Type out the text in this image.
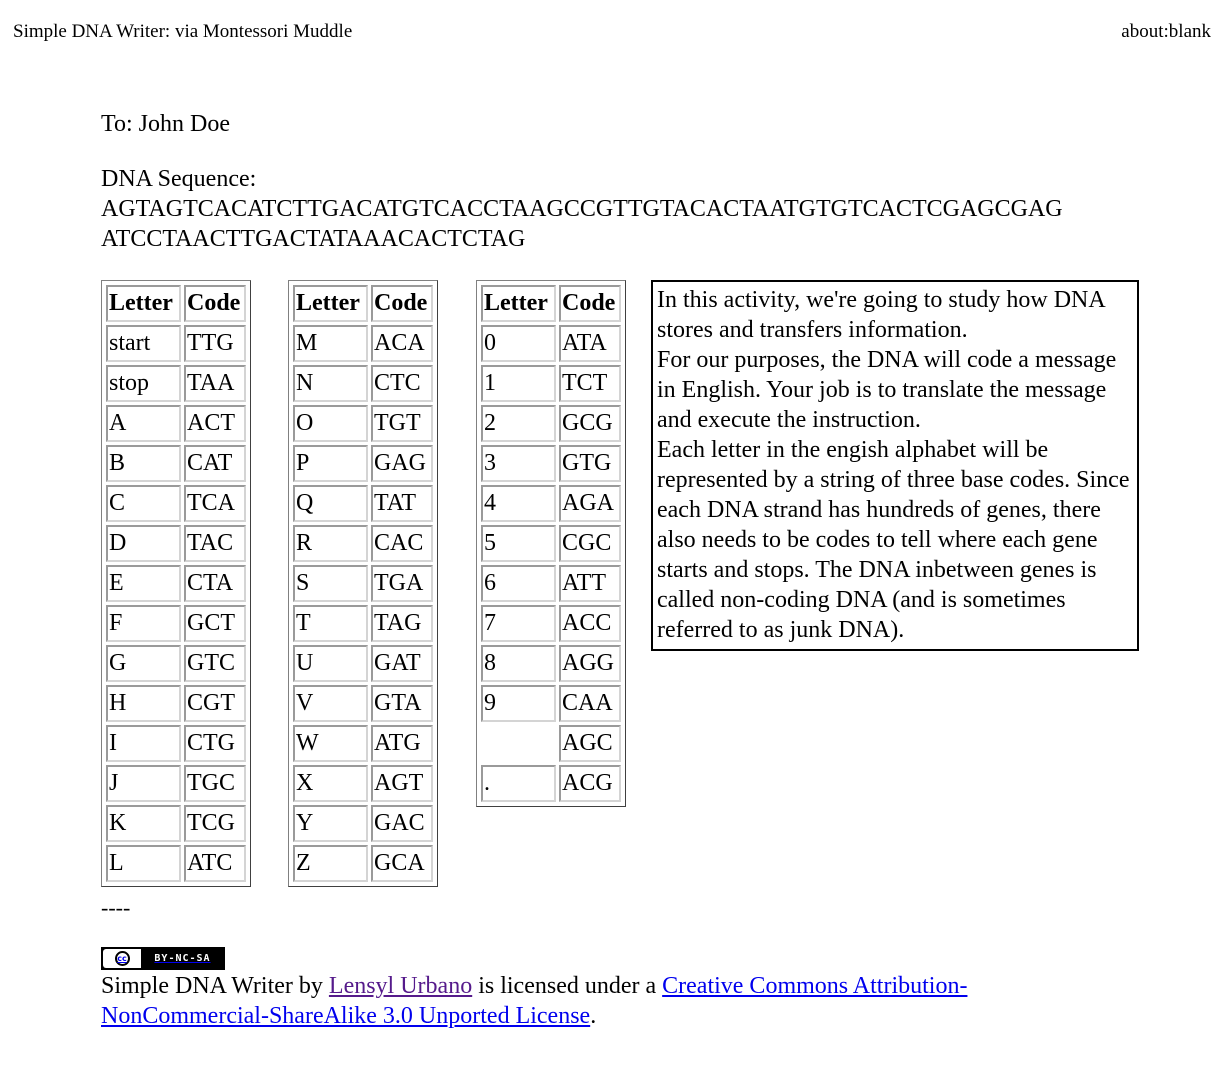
Simple DNA Writer: via Montessori Muddle	about:blank
To: John Doe
DNA Sequence:
AGTAGTCACATCTTGACATGTCACCTAAGCCGTTGTACACTAATGTGTCACTCGAGCGAG
ATCCTAACTTGACTATAAACACTCTAG
Letter	Code
start	TTG
stop	TAA
A	ACT
B	CAT
C	TCA
D	TAC
E	CTA
F	GCT
G	GTC
H	CGT
I	CTG
J	TGC
K	TCG
L	ATC
Letter	Code
M	ACA
N	CTC
O	TGT
P	GAG
Q	TAT
R	CAC
S	TGA
T	TAG
U	GAT
V	GTA
W	ATG
X	AGT
Y	GAC
Z	GCA
Letter	Code
0	ATA
1	TCT
2	GCG
3	GTG
4	AGA
5	CGC
6	ATT
7	ACC
8	AGG
9	CAA
	AGC
.	ACG
In this activity, we're going to study how DNA stores and transfers information.
For our purposes, the DNA will code a message in English. Your job is to translate the message and execute the instruction.
Each letter in the engish alphabet will be represented by a string of three base codes. Since each DNA strand has hundreds of genes, there also needs to be codes to tell where each gene starts and stops. The DNA inbetween genes is called non-coding DNA (and is sometimes referred to as junk DNA).
----
cc	BY-NC-SA
Simple DNA Writer by Lensyl Urbano is licensed under a Creative Commons Attribution-NonCommercial-ShareAlike 3.0 Unported License.
